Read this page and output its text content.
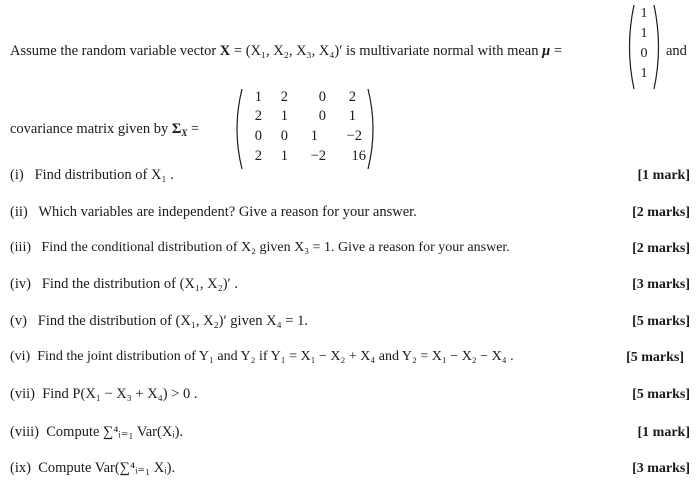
Assume the random variable vector X = (X₁, X₂, X₃, X₄)′ is multivariate normal with mean μ =
1
1
0
1
and
covariance matrix given by $\Sigma_X$ =
1	2	0	2
2	1	0	1
0	0	1	−2
2	1	−2	16
(i) Find distribution of X₁ .	[1 mark]
(ii) Which variables are independent? Give a reason for your answer.	[2 marks]
(iii) Find the conditional distribution of X₂ given X₃ = 1. Give a reason for your answer.	[2 marks]
(iv) Find the distribution of (X₁, X₂)′ .	[3 marks]
(v) Find the distribution of (X₁, X₂)′ given X₄ = 1.	[5 marks]
(vi) Find the joint distribution of Y₁ and Y₂ if Y₁ = X₁ − X₂ + X₄ and Y₂ = X₁ − X₂ − X₄ .	[5 marks]
(vii) Find P(X₁ − X₃ + X₄) > 0 .	[5 marks]
(viii) Compute ∑⁴ᵢ₌₁ Var(Xᵢ).	[1 mark]
(ix) Compute Var(∑⁴ᵢ₌₁ Xᵢ).	[3 marks]
